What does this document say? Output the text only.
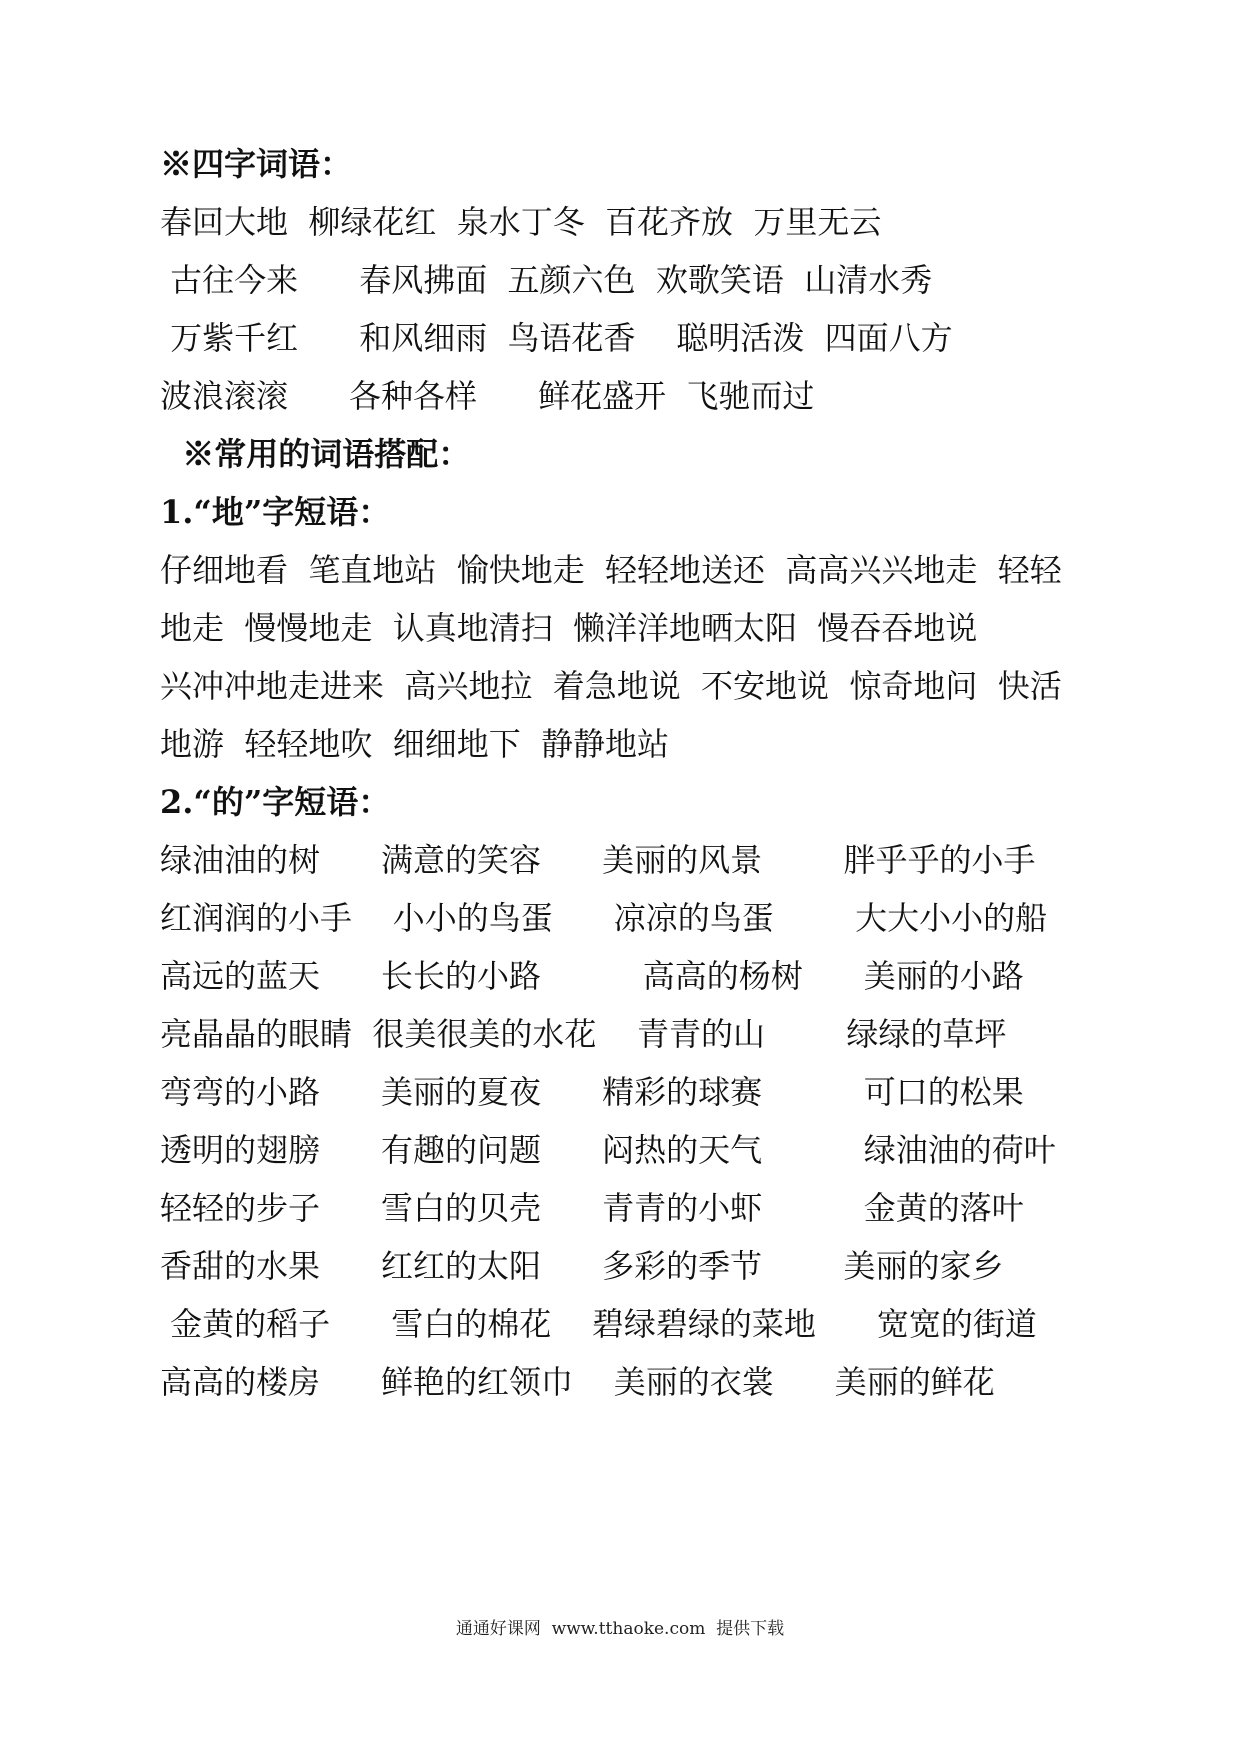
※四字词语：
春回大地  柳绿花红  泉水丁冬  百花齐放  万里无云
古往今来      春风拂面  五颜六色  欢歌笑语  山清水秀
万紫千红      和风细雨  鸟语花香    聪明活泼  四面八方
波浪滚滚      各种各样      鲜花盛开  飞驰而过
※常用的词语搭配：
1.“地”字短语：
仔细地看  笔直地站  愉快地走  轻轻地送还  高高兴兴地走  轻轻
地走  慢慢地走  认真地清扫  懒洋洋地晒太阳  慢吞吞地说
兴冲冲地走进来  高兴地拉  着急地说  不安地说  惊奇地问  快活
地游  轻轻地吹  细细地下  静静地站
2.“的”字短语：
绿油油的树      满意的笑容      美丽的风景        胖乎乎的小手
红润润的小手    小小的鸟蛋      凉凉的鸟蛋        大大小小的船
高远的蓝天      长长的小路          高高的杨树      美丽的小路
亮晶晶的眼睛  很美很美的水花    青青的山        绿绿的草坪
弯弯的小路      美丽的夏夜      精彩的球赛          可口的松果
透明的翅膀      有趣的问题      闷热的天气          绿油油的荷叶
轻轻的步子      雪白的贝壳      青青的小虾          金黄的落叶
香甜的水果      红红的太阳      多彩的季节        美丽的家乡
金黄的稻子      雪白的棉花    碧绿碧绿的菜地      宽宽的街道
高高的楼房      鲜艳的红领巾    美丽的衣裳      美丽的鲜花
通通好课网  www.tthaoke.com  提供下载
